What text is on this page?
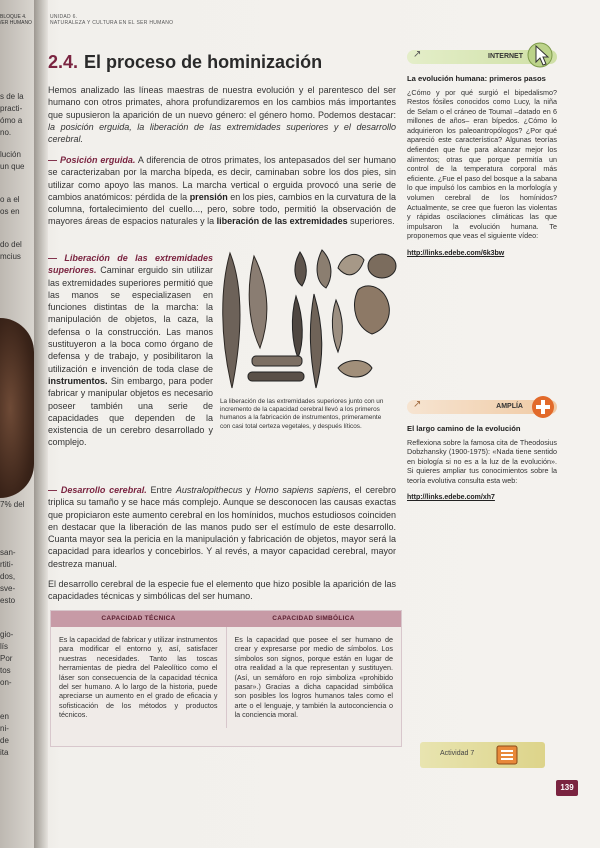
BLOQUE 4. /ER HUMANO
s de la
practi-
ómo a
no.
lución
un que
o a el
os en
do del
mcius
7% del
san-
rtiti-
dos,
sve-
esto
gio-
lís
Por
tos
on-
en
ni-
de
ita
UNIDAD 6.
NATURALEZA Y CULTURA EN EL SER HUMANO
2.4. El proceso de hominización

Hemos analizado las líneas maestras de nuestra evolución y el parentesco del ser humano con otros primates, ahora profundizaremos en los cambios más importantes que supusieron la aparición de un nuevo género: el género homo. Podemos destacar: la posición erguida, la liberación de las extremidades superiores y el desarrollo cerebral.

— Posición erguida. A diferencia de otros primates, los antepasados del ser humano se caracterizaban por la marcha bípeda, es decir, caminaban sobre los dos pies, sin utilizar como apoyo las manos. La marcha vertical o erguida provocó una serie de cambios anatómicos: pérdida de la prensión en los pies, cambios en la curvatura de la columna, fortalecimiento del cuello..., pero, sobre todo, permitió la observación de mayores áreas de espacios naturales y la liberación de las extremidades superiores.

— Liberación de las extremidades superiores. Caminar erguido sin utilizar las extremidades superiores permitió que las manos se especializasen en funciones distintas de la marcha: la manipulación de objetos, la caza, la defensa o la construcción. Las manos sustituyeron a la boca como órgano de defensa y de trabajo, y posibilitaron la utilización e invención de toda clase de instrumentos. Sin embargo, para poder fabricar y manipular objetos es necesario poseer también una serie de capacidades que dependen de la existencia de un cerebro desarrollado y complejo.

La liberación de las extremidades superiores junto con un incremento de la capacidad cerebral llevó a los primeros humanos a la fabricación de instrumentos, primeramente con casi total certeza vegetales, y después líticos.

— Desarrollo cerebral. Entre Australopithecus y Homo sapiens sapiens, el cerebro triplica su tamaño y se hace más complejo. Aunque se desconocen las causas exactas que propiciaron este aumento cerebral en los homínidos, muchos estudiosos coinciden en destacar que la liberación de las manos pudo ser el estímulo de este desarrollo. Cuanta mayor sea la pericia en la manipulación y fabricación de objetos, mayor será la capacidad para idearlos y concebirlos. Y al revés, a mayor capacidad cerebral, mayor destreza manual.

El desarrollo cerebral de la especie fue el elemento que hizo posible la aparición de las capacidades técnicas y simbólicas del ser humano.

CAPACIDAD TÉCNICA	CAPACIDAD SIMBÓLICA
Es la capacidad de fabricar y utilizar instrumentos para modificar el entorno y, así, satisfacer nuestras necesidades. Tanto las toscas herramientas de piedra del Paleolítico como el láser son consecuencia de la capacidad técnica del ser humano. A lo largo de la historia, puede apreciarse un aumento en el grado de eficacia y sofisticación de los métodos y productos técnicos.
Es la capacidad que posee el ser humano de crear y expresarse por medio de símbolos. Los símbolos son signos, porque están en lugar de otra realidad a la que representan y sustituyen. (Así, un semáforo en rojo simboliza «prohibido pasar».) Gracias a dicha capacidad simbólica son posibles los logros humanos tales como el arte o el lenguaje, y también la autoconciencia o la conciencia moral.
↗	INTERNET
La evolución humana: primeros pasos

¿Cómo y por qué surgió el bipedalismo? Restos fósiles conocidos como Lucy, la niña de Selam o el cráneo de Toumaï –datado en 6 millones de años– eran bípedos. ¿Cómo lo adquirieron los paleoantropólogos? ¿Por qué apareció este característica? Algunas teorías defienden que fue para alcanzar mejor los alimentos; otras que porque permitía un control de la temperatura corporal más eficiente. ¿Fue el paso del bosque a la sabana lo que impulsó los cambios en la morfología y volumen cerebral de los homínidos? Actualmente, se cree que fueron las violentas y rápidas oscilaciones climáticas las que impulsaron la evolución humana. Te proponemos que veas el siguiente vídeo:

http://links.edebe.com/6k3bw
↗	AMPLÍA
El largo camino de la evolución

Reflexiona sobre la famosa cita de Theodosius Dobzhansky (1900-1975): «Nada tiene sentido en biología si no es a la luz de la evolución». Si quieres ampliar tus conocimientos sobre la teoría evolutiva consulta esta web:

http://links.edebe.com/xh7
Actividad 7
139
